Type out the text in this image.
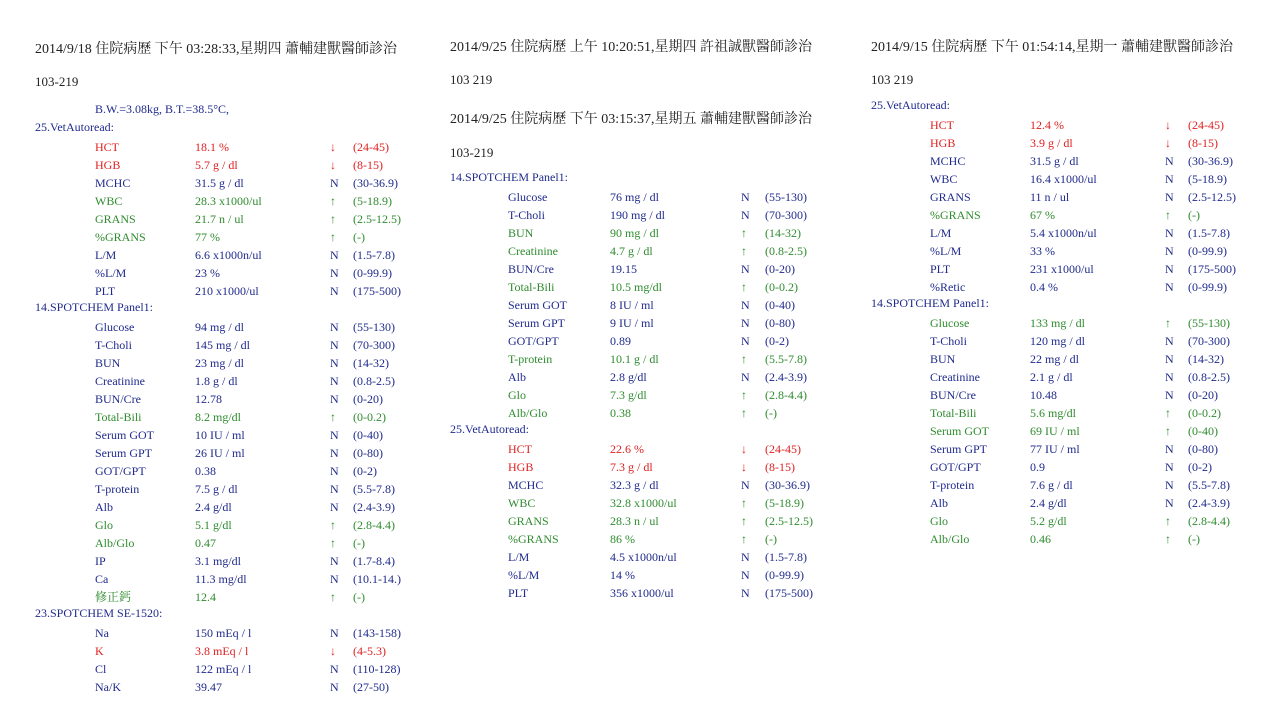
2014/9/18 住院病歷 下午 03:28:33,星期四 蕭輔建獸醫師診治
103-219
B.W.=3.08kg, B.T.=38.5°C,
25.VetAutoread:
HCT	18.1 %	↓ (24-45)
HGB	5.7 g / dl	↓ (8-15)
MCHC	31.5 g / dl	N (30-36.9)
WBC	28.3 x1000/ul	↑ (5-18.9)
GRANS	21.7 n / ul	↑ (2.5-12.5)
%GRANS	77 %	↑ (-)
L/M	6.6 x1000n/ul	N (1.5-7.8)
%L/M	23 %	N (0-99.9)
PLT	210 x1000/ul	N (175-500)
14.SPOTCHEM Panel1:
Glucose	94 mg / dl	N (55-130)
T-Choli	145 mg / dl	N (70-300)
BUN	23 mg / dl	N (14-32)
Creatinine	1.8 g / dl	N (0.8-2.5)
BUN/Cre	12.78	N (0-20)
Total-Bili	8.2 mg/dl	↑ (0-0.2)
Serum GOT	10 IU / ml	N (0-40)
Serum GPT	26 IU / ml	N (0-80)
GOT/GPT	0.38	N (0-2)
T-protein	7.5 g / dl	N (5.5-7.8)
Alb	2.4 g/dl	N (2.4-3.9)
Glo	5.1 g/dl	↑ (2.8-4.4)
Alb/Glo	0.47	↑ (-)
IP	3.1 mg/dl	N (1.7-8.4)
Ca	11.3 mg/dl	N (10.1-14.)
修正鈣	12.4	↑ (-)
23.SPOTCHEM SE-1520:
Na	150 mEq / l	N (143-158)
K	3.8 mEq / l	↓ (4-5.3)
Cl	122 mEq / l	N (110-128)
Na/K	39.47	N (27-50)
2014/9/25 住院病歷 上午 10:20:51,星期四 許祖誠獸醫師診治
103 219
2014/9/25 住院病歷 下午 03:15:37,星期五 蕭輔建獸醫師診治
103-219
14.SPOTCHEM Panel1:
Glucose	76 mg / dl	N (55-130)
T-Choli	190 mg / dl	N (70-300)
BUN	90 mg / dl	↑ (14-32)
Creatinine	4.7 g / dl	↑ (0.8-2.5)
BUN/Cre	19.15	N (0-20)
Total-Bili	10.5 mg/dl	↑ (0-0.2)
Serum GOT	8 IU / ml	N (0-40)
Serum GPT	9 IU / ml	N (0-80)
GOT/GPT	0.89	N (0-2)
T-protein	10.1 g / dl	↑ (5.5-7.8)
Alb	2.8 g/dl	N (2.4-3.9)
Glo	7.3 g/dl	↑ (2.8-4.4)
Alb/Glo	0.38	↑ (-)
25.VetAutoread:
HCT	22.6 %	↓ (24-45)
HGB	7.3 g / dl	↓ (8-15)
MCHC	32.3 g / dl	N (30-36.9)
WBC	32.8 x1000/ul	↑ (5-18.9)
GRANS	28.3 n / ul	↑ (2.5-12.5)
%GRANS	86 %	↑ (-)
L/M	4.5 x1000n/ul	N (1.5-7.8)
%L/M	14 %	N (0-99.9)
PLT	356 x1000/ul	N (175-500)
2014/9/15 住院病歷 下午 01:54:14,星期一 蕭輔建獸醫師診治
103 219
25.VetAutoread:
HCT	12.4 %	↓ (24-45)
HGB	3.9 g / dl	↓ (8-15)
MCHC	31.5 g / dl	N (30-36.9)
WBC	16.4 x1000/ul	N (5-18.9)
GRANS	11 n / ul	N (2.5-12.5)
%GRANS	67 %	↑ (-)
L/M	5.4 x1000n/ul	N (1.5-7.8)
%L/M	33 %	N (0-99.9)
PLT	231 x1000/ul	N (175-500)
%Retic	0.4 %	N (0-99.9)
14.SPOTCHEM Panel1:
Glucose	133 mg / dl	↑ (55-130)
T-Choli	120 mg / dl	N (70-300)
BUN	22 mg / dl	N (14-32)
Creatinine	2.1 g / dl	N (0.8-2.5)
BUN/Cre	10.48	N (0-20)
Total-Bili	5.6 mg/dl	↑ (0-0.2)
Serum GOT	69 IU / ml	↑ (0-40)
Serum GPT	77 IU / ml	N (0-80)
GOT/GPT	0.9	N (0-2)
T-protein	7.6 g / dl	N (5.5-7.8)
Alb	2.4 g/dl	N (2.4-3.9)
Glo	5.2 g/dl	↑ (2.8-4.4)
Alb/Glo	0.46	↑ (-)
